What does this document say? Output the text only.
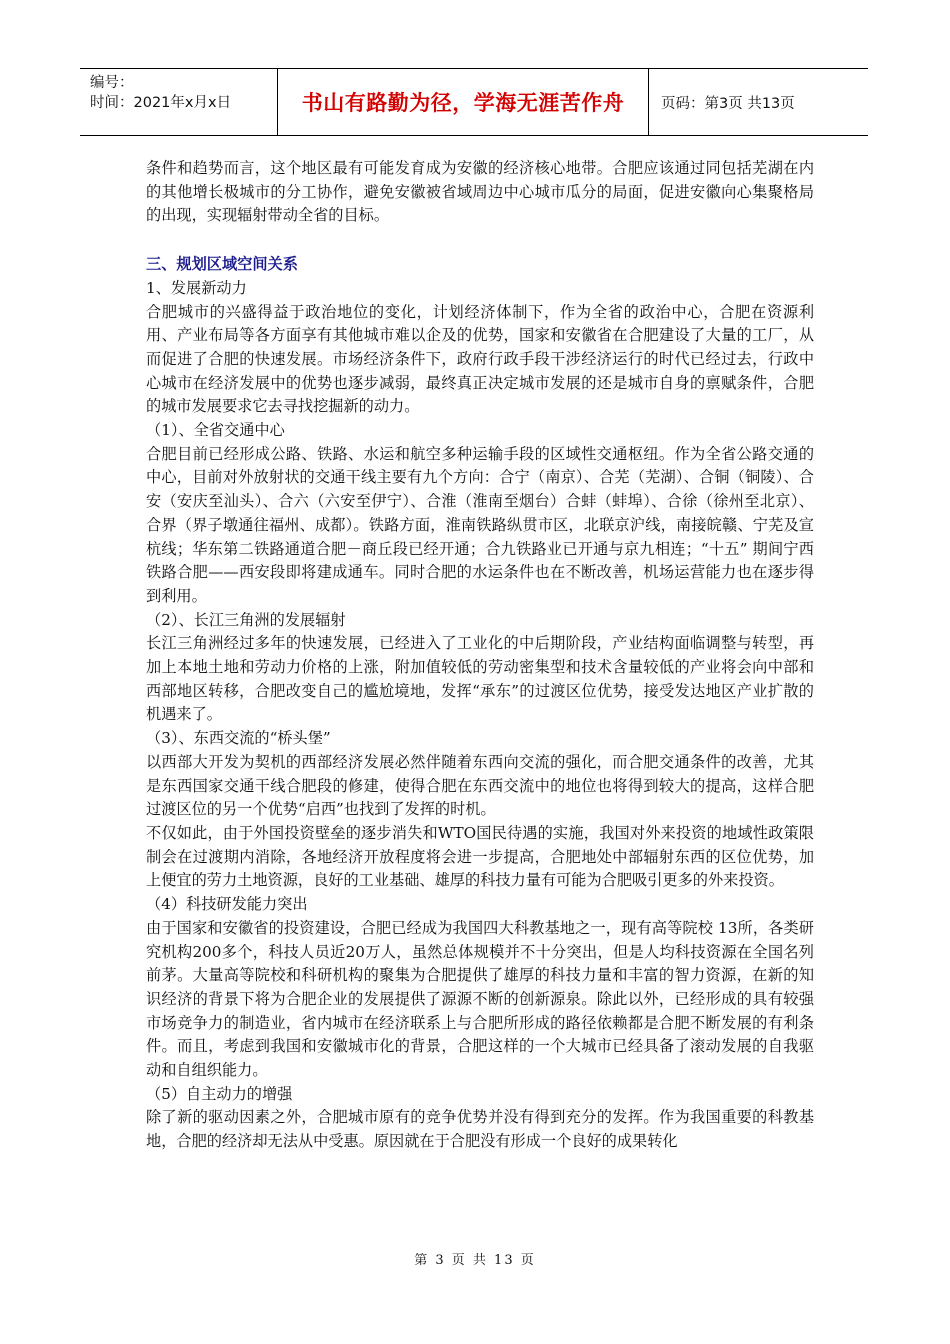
编号：
时间：2021年x月x日	书山有路勤为径，学海无涯苦作舟	页码：第3页 共13页

条件和趋势而言，这个地区最有可能发育成为安徽的经济核心地带。合肥应该通过同包括芜湖在内的其他增长极城市的分工协作，避免安徽被省域周边中心城市瓜分的局面，促进安徽向心集聚格局的出现，实现辐射带动全省的目标。

三、规划区域空间关系

1、发展新动力

合肥城市的兴盛得益于政治地位的变化，计划经济体制下，作为全省的政治中心，合肥在资源利用、产业布局等各方面享有其他城市难以企及的优势，国家和安徽省在合肥建设了大量的工厂，从而促进了合肥的快速发展。市场经济条件下，政府行政手段干涉经济运行的时代已经过去，行政中心城市在经济发展中的优势也逐步减弱，最终真正决定城市发展的还是城市自身的禀赋条件，合肥的城市发展要求它去寻找挖掘新的动力。

（1）、全省交通中心

合肥目前已经形成公路、铁路、水运和航空多种运输手段的区域性交通枢纽。作为全省公路交通的中心，目前对外放射状的交通干线主要有九个方向：合宁（南京）、合芜（芜湖）、合铜（铜陵）、合安（安庆至汕头）、合六（六安至伊宁）、合淮（淮南至烟台）合蚌（蚌埠）、合徐（徐州至北京）、合界（界子墩通往福州、成都）。铁路方面，淮南铁路纵贯市区，北联京沪线，南接皖赣、宁芜及宣杭线；华东第二铁路通道合肥－商丘段已经开通；合九铁路业已开通与京九相连；“十五” 期间宁西铁路合肥——西安段即将建成通车。同时合肥的水运条件也在不断改善，机场运营能力也在逐步得到利用。

（2）、长江三角洲的发展辐射

长江三角洲经过多年的快速发展，已经进入了工业化的中后期阶段，产业结构面临调整与转型，再加上本地土地和劳动力价格的上涨，附加值较低的劳动密集型和技术含量较低的产业将会向中部和西部地区转移，合肥改变自己的尴尬境地，发挥“承东”的过渡区位优势，接受发达地区产业扩散的机遇来了。

（3）、东西交流的“桥头堡”

以西部大开发为契机的西部经济发展必然伴随着东西向交流的强化，而合肥交通条件的改善，尤其是东西国家交通干线合肥段的修建，使得合肥在东西交流中的地位也将得到较大的提高，这样合肥过渡区位的另一个优势“启西”也找到了发挥的时机。

不仅如此，由于外国投资壁垒的逐步消失和WTO国民待遇的实施，我国对外来投资的地域性政策限制会在过渡期内消除，各地经济开放程度将会进一步提高，合肥地处中部辐射东西的区位优势，加上便宜的劳力土地资源，良好的工业基础、雄厚的科技力量有可能为合肥吸引更多的外来投资。

（4）科技研发能力突出

由于国家和安徽省的投资建设，合肥已经成为我国四大科教基地之一，现有高等院校 13所，各类研究机构200多个，科技人员近20万人，虽然总体规模并不十分突出，但是人均科技资源在全国名列前茅。大量高等院校和科研机构的聚集为合肥提供了雄厚的科技力量和丰富的智力资源，在新的知识经济的背景下将为合肥企业的发展提供了源源不断的创新源泉。除此以外，已经形成的具有较强市场竞争力的制造业，省内城市在经济联系上与合肥所形成的路径依赖都是合肥不断发展的有利条件。而且，考虑到我国和安徽城市化的背景，合肥这样的一个大城市已经具备了滚动发展的自我驱动和自组织能力。

（5）自主动力的增强

除了新的驱动因素之外，合肥城市原有的竞争优势并没有得到充分的发挥。作为我国重要的科教基地，合肥的经济却无法从中受惠。原因就在于合肥没有形成一个良好的成果转化

第 3 页 共 13 页
